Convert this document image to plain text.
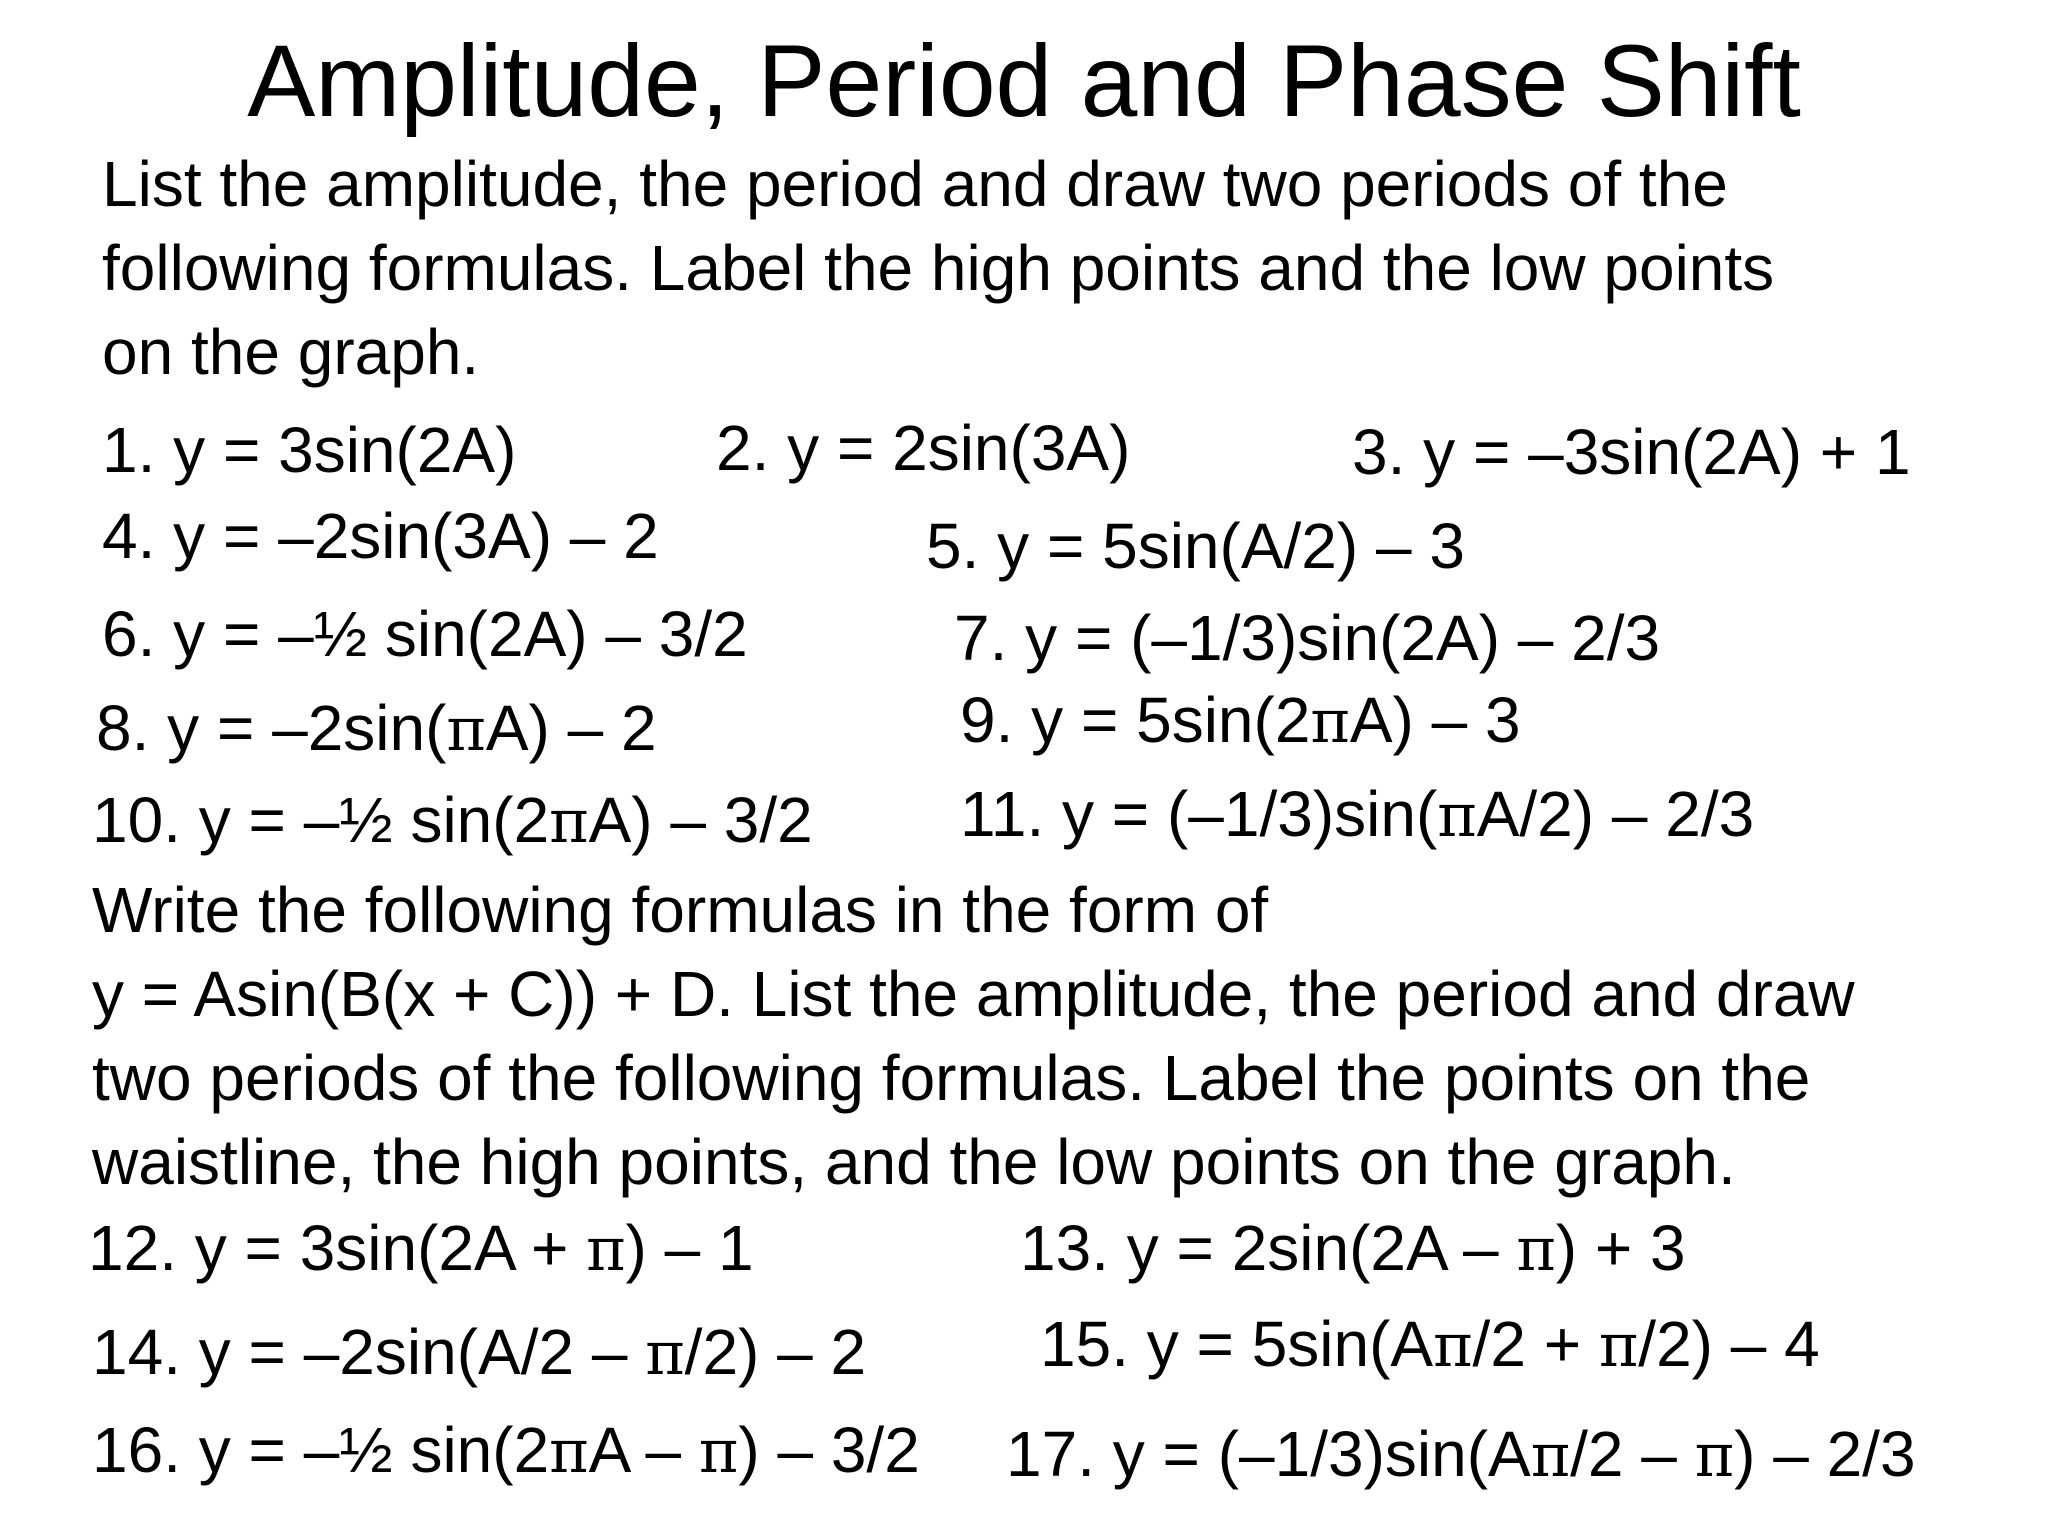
Amplitude, Period and Phase Shift
List the amplitude, the period and draw two periods of the
following formulas. Label the high points and the low points
on the graph.
1. y = 3sin(2A)	2. y = 2sin(3A)	3. y = –3sin(2A) + 1
4. y = –2sin(3A) – 2	5. y = 5sin(A/2) – 3
6. y = –½ sin(2A) – 3/2	7. y = (–1/3)sin(2A) – 2/3
8. y = –2sin(πA) – 2	9. y = 5sin(2πA) – 3
10. y = –½ sin(2πA) – 3/2 11. y = (–1/3)sin(πA/2) – 2/3
Write the following formulas in the form of
y = Asin(B(x + C)) + D. List the amplitude, the period and draw
two periods of the following formulas. Label the points on the
waistline, the high points, and the low points on the graph.
12. y = 3sin(2A + π) – 1	13. y = 2sin(2A – π) + 3
14. y = –2sin(A/2 – π/2) – 2	15. y = 5sin(Aπ/2 + π/2) – 4
16. y = –½ sin(2πA – π) – 3/2 17. y = (–1/3)sin(Aπ/2 – π) – 2/3
